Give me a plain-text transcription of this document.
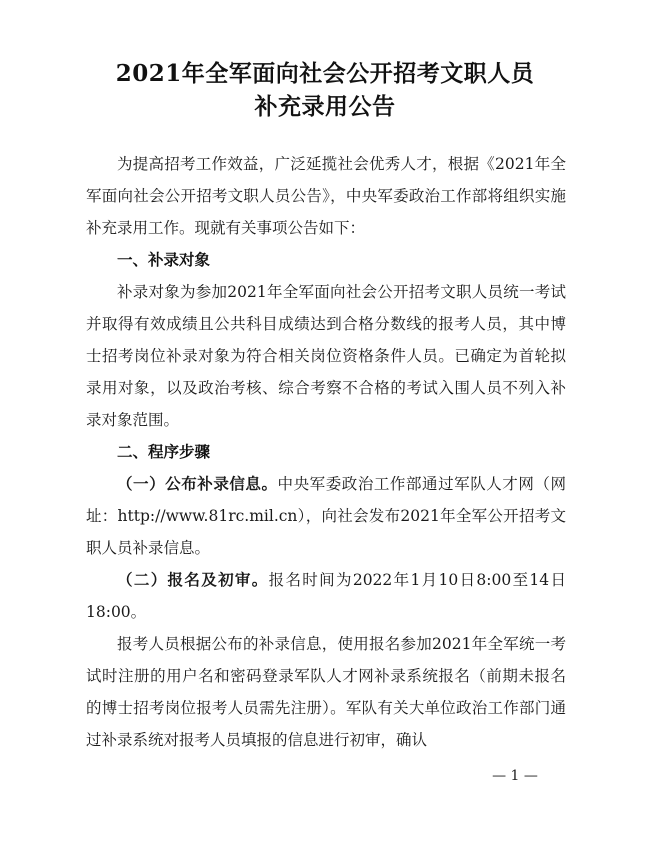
2021年全军面向社会公开招考文职人员
补充录用公告

为提高招考工作效益，广泛延揽社会优秀人才，根据《2021年全军面向社会公开招考文职人员公告》，中央军委政治工作部将组织实施补充录用工作。现就有关事项公告如下：

一、补录对象

补录对象为参加2021年全军面向社会公开招考文职人员统一考试并取得有效成绩且公共科目成绩达到合格分数线的报考人员，其中博士招考岗位补录对象为符合相关岗位资格条件人员。已确定为首轮拟录用对象，以及政治考核、综合考察不合格的考试入围人员不列入补录对象范围。

二、程序步骤

（一）公布补录信息。中央军委政治工作部通过军队人才网（网址：http://www.81rc.mil.cn），向社会发布2021年全军公开招考文职人员补录信息。

（二）报名及初审。报名时间为2022年1月10日8:00至14日18:00。

报考人员根据公布的补录信息，使用报名参加2021年全军统一考试时注册的用户名和密码登录军队人才网补录系统报名（前期未报名的博士招考岗位报考人员需先注册）。军队有关大单位政治工作部门通过补录系统对报考人员填报的信息进行初审，确认

— 1 —
